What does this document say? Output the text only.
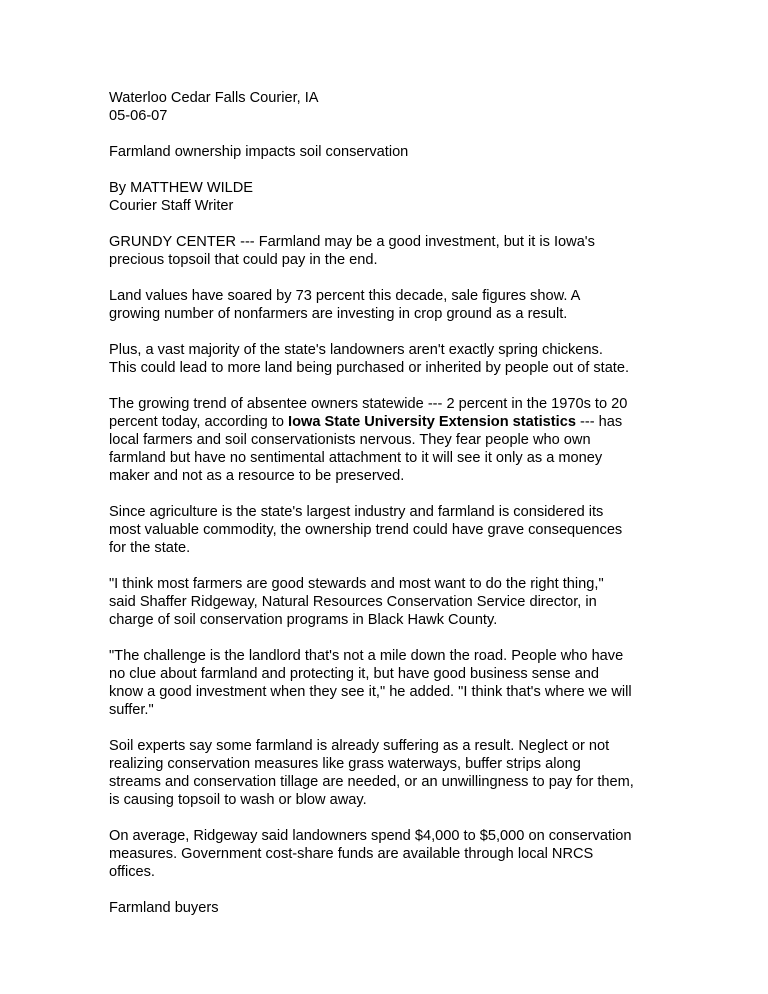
Waterloo Cedar Falls Courier, IA
05-06-07
Farmland ownership impacts soil conservation
By MATTHEW WILDE
Courier Staff Writer
GRUNDY CENTER --- Farmland may be a good investment, but it is Iowa's
precious topsoil that could pay in the end.
Land values have soared by 73 percent this decade, sale figures show. A
growing number of nonfarmers are investing in crop ground as a result.
Plus, a vast majority of the state's landowners aren't exactly spring chickens.
This could lead to more land being purchased or inherited by people out of state.
The growing trend of absentee owners statewide --- 2 percent in the 1970s to 20
percent today, according to Iowa State University Extension statistics --- has
local farmers and soil conservationists nervous. They fear people who own
farmland but have no sentimental attachment to it will see it only as a money
maker and not as a resource to be preserved.
Since agriculture is the state's largest industry and farmland is considered its
most valuable commodity, the ownership trend could have grave consequences
for the state.
"I think most farmers are good stewards and most want to do the right thing,"
said Shaffer Ridgeway, Natural Resources Conservation Service director, in
charge of soil conservation programs in Black Hawk County.
"The challenge is the landlord that's not a mile down the road. People who have
no clue about farmland and protecting it, but have good business sense and
know a good investment when they see it," he added. "I think that's where we will
suffer."
Soil experts say some farmland is already suffering as a result. Neglect or not
realizing conservation measures like grass waterways, buffer strips along
streams and conservation tillage are needed, or an unwillingness to pay for them,
is causing topsoil to wash or blow away.
On average, Ridgeway said landowners spend $4,000 to $5,000 on conservation
measures. Government cost-share funds are available through local NRCS
offices.
Farmland buyers
